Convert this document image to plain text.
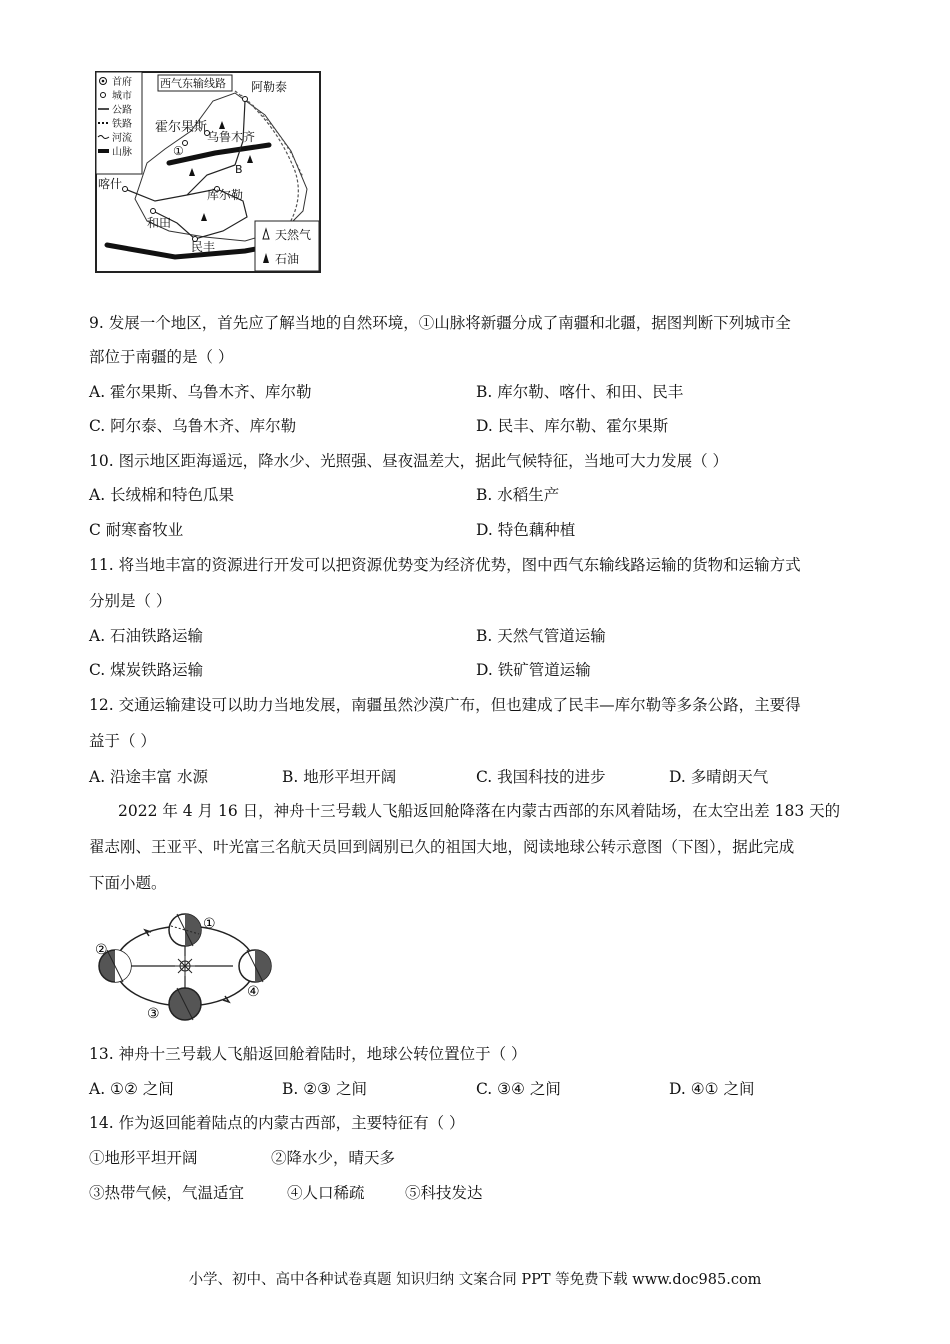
首府
城市
公路
铁路
河流
山脉
西气东输线路 阿勒泰
霍尔果斯
乌鲁木齐
喀什
库尔勒
和田
民丰
①
B
天然气
石油
9. 发展一个地区，首先应了解当地的自然环境，①山脉将新疆分成了南疆和北疆，据图判断下列城市全
部位于南疆的是（ ）
A. 霍尔果斯、乌鲁木齐、库尔勒	B. 库尔勒、喀什、和田、民丰
C. 阿尔泰、乌鲁木齐、库尔勒	D. 民丰、库尔勒、霍尔果斯
10. 图示地区距海遥远，降水少、光照强、昼夜温差大，据此气候特征，当地可大力发展（ ）
A. 长绒棉和特色瓜果	B. 水稻生产
C 耐寒畜牧业	D. 特色藕种植
11. 将当地丰富的资源进行开发可以把资源优势变为经济优势，图中西气东输线路运输的货物和运输方式
分别是（ ）
A. 石油铁路运输	B. 天然气管道运输
C. 煤炭铁路运输	D. 铁矿管道运输
12. 交通运输建设可以助力当地发展，南疆虽然沙漠广布，但也建成了民丰—库尔勒等多条公路，主要得
益于（ ）
A. 沿途丰富 水源	B. 地形平坦开阔	C. 我国科技的进步	D. 多晴朗天气
2022 年 4 月 16 日，神舟十三号载人飞船返回舱降落在内蒙古西部的东风着陆场，在太空出差 183 天的
翟志刚、王亚平、叶光富三名航天员回到阔别已久的祖国大地，阅读地球公转示意图（下图），据此完成
下面小题。
①
②
③
④
13. 神舟十三号载人飞船返回舱着陆时，地球公转位置位于（ ）
A. ①② 之间	B. ②③ 之间	C. ③④ 之间	D. ④① 之间
14. 作为返回能着陆点的内蒙古西部，主要特征有（ ）
①地形平坦开阔	②降水少，晴天多
③热带气候，气温适宜	④人口稀疏	⑤科技发达
小学、初中、高中各种试卷真题 知识归纳 文案合同 PPT 等免费下载 www.doc985.com
